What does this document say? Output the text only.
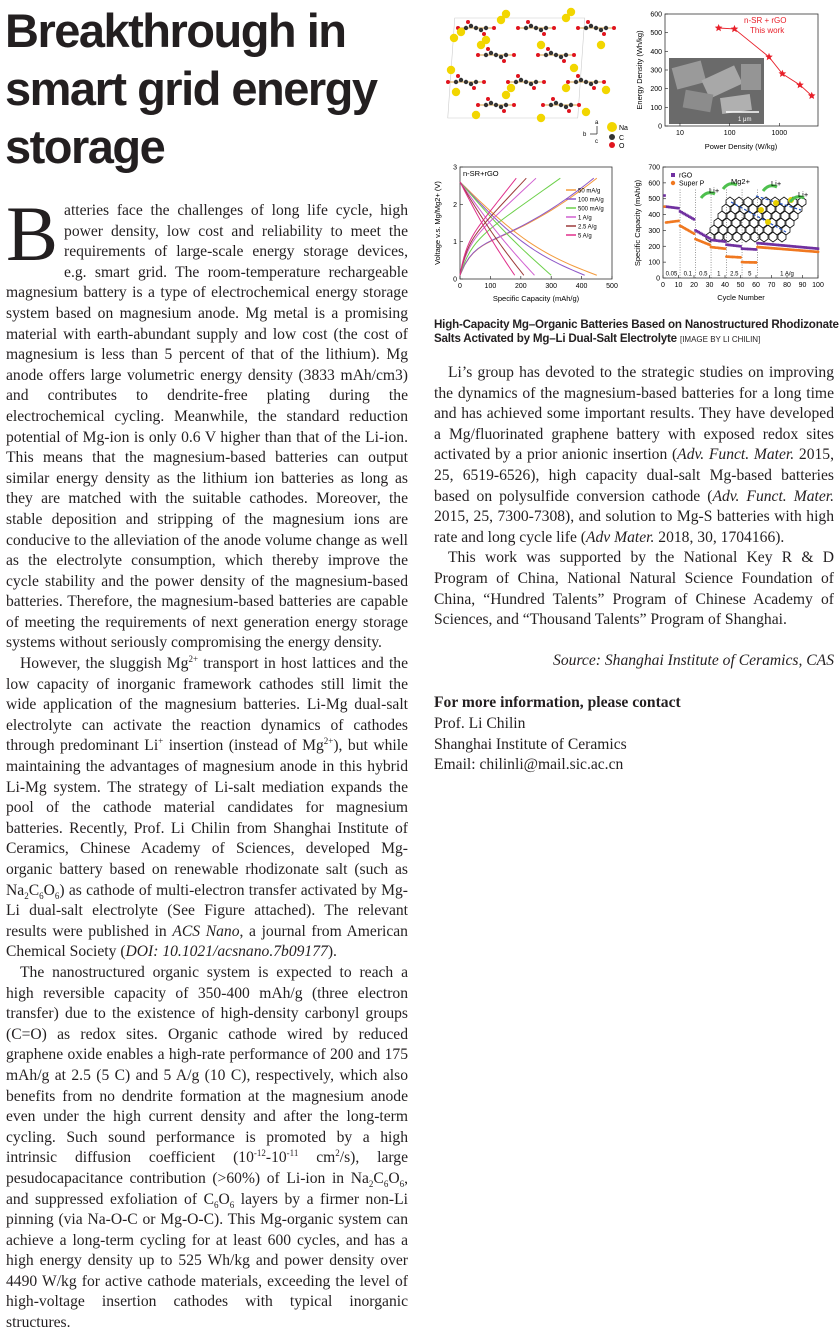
Breakthrough in smart grid energy storage	a
b
c
Na
C
O
1 μm
0
100
200
300
400
500
600
10	100	1000
n-SR + rGO
This work
Power Density (W/kg)
Energy Density (Wh/kg)
n-SR+rGO
0
1
2
3
0	100	200	300	400	500
50 mA/g
100 mA/g
500 mA/g
1 A/g
2.5 A/g
5 A/g
Specific Capacity (mAh/g)
Voltage v.s. Mg/Mg2+ (V)	Li+
Mg2+	Li+
Li+
0
100
200
300
400
500
600
700
0 10 20 30 40 50 60 70 80 90 100
0.05 0.1 0.5 1 2.5 5	1 A/g
rGO
Super P
Cycle Number
Specific Capacity (mAh/g)
High-Capacity Mg–Organic Batteries Based on Nanostructured Rhodizonate Salts Activated by Mg–Li Dual-Salt Electrolyte [IMAGE BY LI CHILIN]

Batteries face the challenges of long life cycle, high power density, low cost and reliability to meet the requirements of large-scale energy storage devices, e.g. smart grid. The room-temperature rechargeable magnesium battery is a type of electrochemical energy storage system based on magnesium anode. Mg metal is a promising material with earth-abundant supply and low cost (the cost of magnesium is less than 5 percent of that of the lithium). Mg anode offers large volumetric energy density (3833 mAh/cm3) and contributes to dendrite-free plating during the electrochemical cycling. Meanwhile, the standard reduction potential of Mg-ion is only 0.6 V higher than that of the Li-ion. This means that the magnesium-based batteries can output similar energy density as the lithium ion batteries as long as they are matched with the suitable cathodes. Moreover, the stable deposition and stripping of the magnesium ions are conducive to the alleviation of the anode volume change as well as the electrolyte consumption, which thereby improve the cycle stability and the power density of the magnesium-based batteries. Therefore, the magnesium-based batteries are capable of meeting the requirements of next generation energy storage systems without seriously compromising the energy density.

However, the sluggish $Mg^{2+}$ transport in host lattices and the low capacity of inorganic framework cathodes still limit the wide application of the magnesium batteries. Li-Mg dual-salt electrolyte can activate the reaction dynamics of cathodes through predominant Li+ insertion (instead of $Mg^{2+}$), but while maintaining the advantages of magnesium anode in this hybrid Li-Mg system. The strategy of Li-salt mediation expands the pool of the cathode material candidates for magnesium batteries. Recently, Prof. Li Chilin from Shanghai Institute of Ceramics, Chinese Academy of Sciences, developed Mg-organic battery based on renewable rhodizonate salt (such as $Na_2C_6O_6$) as cathode of multi-electron transfer activated by Mg-Li dual-salt electrolyte (See Figure attached). The relevant results were published in ACS Nano, a journal from American Chemical Society (DOI: 10.1021/acsnano.7b09177).

The nanostructured organic system is expected to reach a high reversible capacity of 350-400 mAh/g (three electron transfer) due to the existence of high-density carbonyl groups (C=O) as redox sites. Organic cathode wired by reduced graphene oxide enables a high-rate performance of 200 and 175 mAh/g at 2.5 (5 C) and 5 A/g (10 C), respectively, which also benefits from no dendrite formation at the magnesium anode even under the high current density and after the long-term cycling. Such sound performance is promoted by a high intrinsic diffusion coefficient ($10^{-12}-10^{-11}$ $cm^2/s$), large pesudocapacitance contribution (>60%) of Li-ion in $Na_2C_6O_6$, and suppressed exfoliation of $C_6O_6$ layers by a firmer non-Li pinning (via Na-O-C or Mg-O-C). This Mg-organic system can achieve a long-term cycling for at least 600 cycles, and has a high energy density up to 525 Wh/kg and power density over 4490 W/kg for active cathode materials, exceeding the level of high-voltage insertion cathodes with typical inorganic structures.

Li’s group has devoted to the strategic studies on improving the dynamics of the magnesium-based batteries for a long time and has achieved some important results. They have developed a Mg/fluorinated graphene battery with exposed redox sites activated by a prior anionic insertion (Adv. Funct. Mater. 2015, 25, 6519-6526), high capacity dual-salt Mg-based batteries based on polysulfide conversion cathode (Adv. Funct. Mater. 2015, 25, 7300-7308), and solution to Mg-S batteries with high rate and long cycle life (Adv Mater. 2018, 30, 1704166).

This work was supported by the National Key R & D Program of China, National Natural Science Foundation of China, “Hundred Talents” Program of Chinese Academy of Sciences, and “Thousand Talents” Program of Shanghai.

Source: Shanghai Institute of Ceramics, CAS

For more information, please contact

Prof. Li Chilin

Shanghai Institute of Ceramics

Email: chilinli@mail.sic.ac.cn
